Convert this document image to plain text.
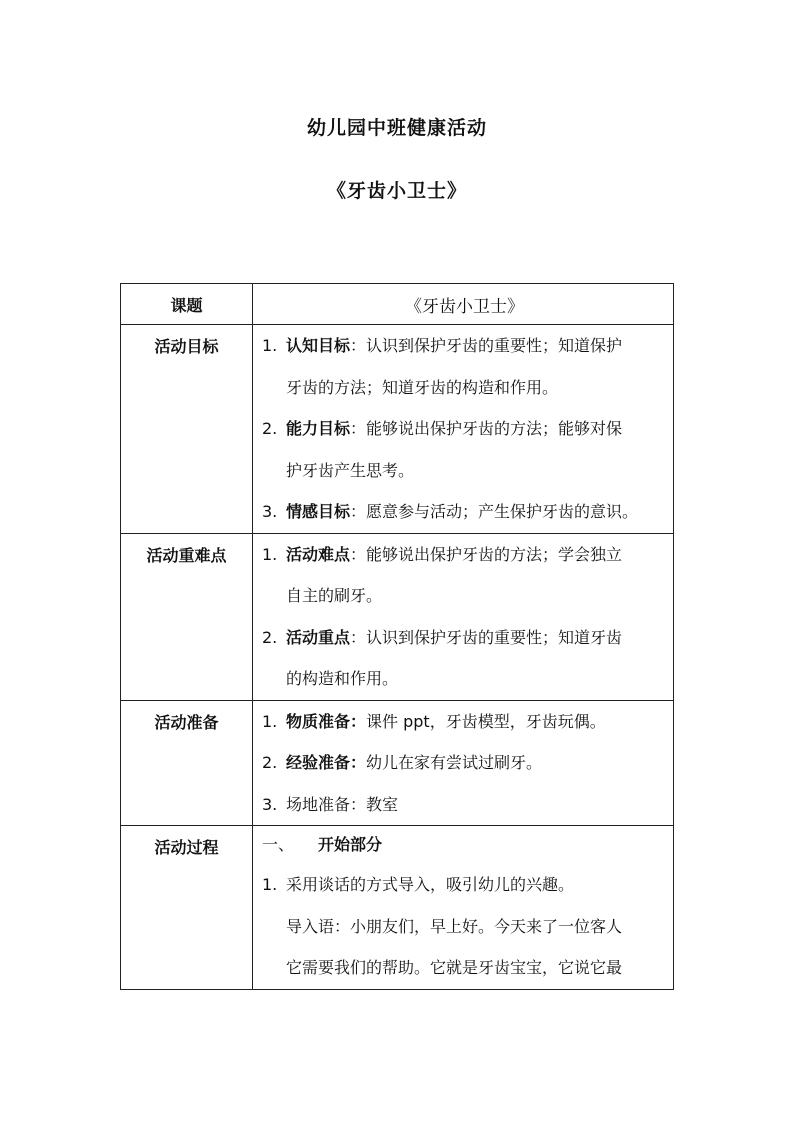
幼儿园中班健康活动
《牙齿小卫士》
课题	《牙齿小卫士》
活动目标	1. 认知目标：认识到保护牙齿的重要性；知道保护
牙齿的方法；知道牙齿的构造和作用。
2. 能力目标：能够说出保护牙齿的方法；能够对保
护牙齿产生思考。
3. 情感目标：愿意参与活动；产生保护牙齿的意识。

活动重难点	1. 活动难点：能够说出保护牙齿的方法；学会独立
自主的刷牙。
2. 活动重点：认识到保护牙齿的重要性；知道牙齿
的构造和作用。

活动准备	1. 物质准备：课件 ppt，牙齿模型，牙齿玩偶。
2. 经验准备：幼儿在家有尝试过刷牙。
3. 场地准备：教室

活动过程	一、 开始部分
1. 采用谈话的方式导入，吸引幼儿的兴趣。
导入语：小朋友们，早上好。今天来了一位客人
它需要我们的帮助。它就是牙齿宝宝，它说它最
